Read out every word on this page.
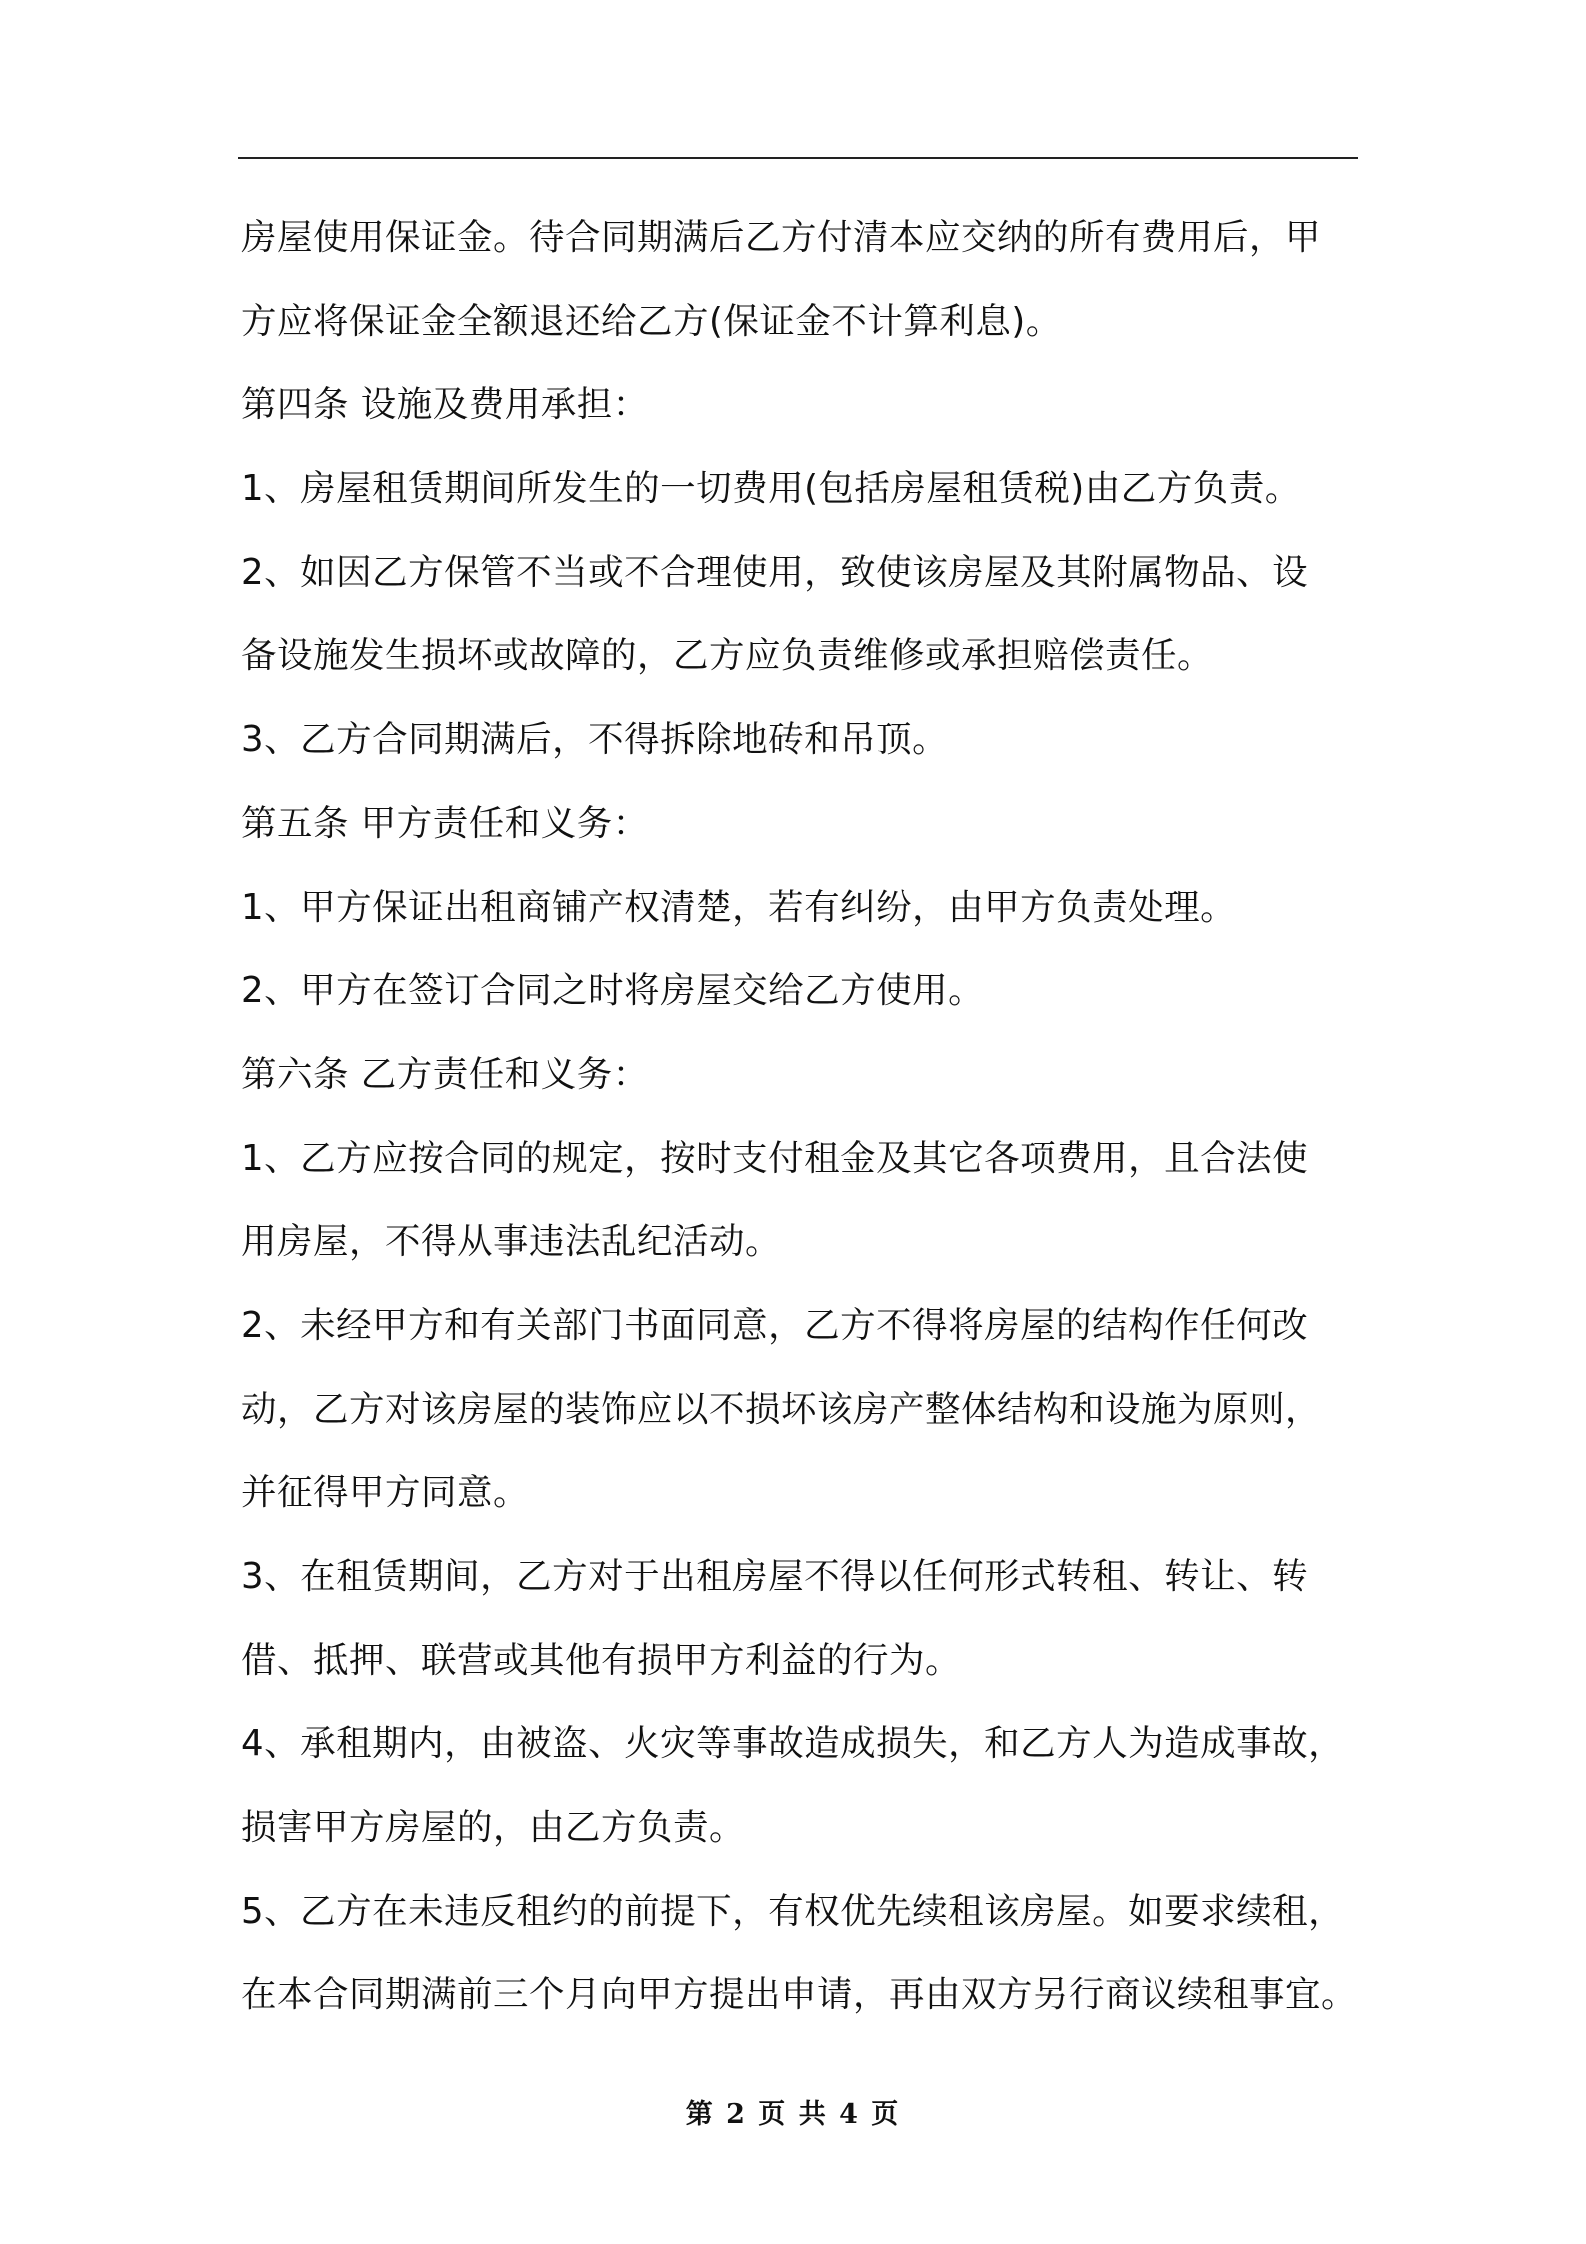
房屋使用保证金。待合同期满后乙方付清本应交纳的所有费用后，甲
方应将保证金全额退还给乙方(保证金不计算利息)。
第四条 设施及费用承担：
1、房屋租赁期间所发生的一切费用(包括房屋租赁税)由乙方负责。
2、如因乙方保管不当或不合理使用，致使该房屋及其附属物品、设
备设施发生损坏或故障的，乙方应负责维修或承担赔偿责任。
3、乙方合同期满后，不得拆除地砖和吊顶。
第五条 甲方责任和义务：
1、甲方保证出租商铺产权清楚，若有纠纷，由甲方负责处理。
2、甲方在签订合同之时将房屋交给乙方使用。
第六条 乙方责任和义务：
1、乙方应按合同的规定，按时支付租金及其它各项费用，且合法使
用房屋，不得从事违法乱纪活动。
2、未经甲方和有关部门书面同意，乙方不得将房屋的结构作任何改
动，乙方对该房屋的装饰应以不损坏该房产整体结构和设施为原则，
并征得甲方同意。
3、在租赁期间，乙方对于出租房屋不得以任何形式转租、转让、转
借、抵押、联营或其他有损甲方利益的行为。
4、承租期内，由被盗、火灾等事故造成损失，和乙方人为造成事故，
损害甲方房屋的，由乙方负责。
5、乙方在未违反租约的前提下，有权优先续租该房屋。如要求续租，
在本合同期满前三个月向甲方提出申请，再由双方另行商议续租事宜。
第 2 页 共 4 页
